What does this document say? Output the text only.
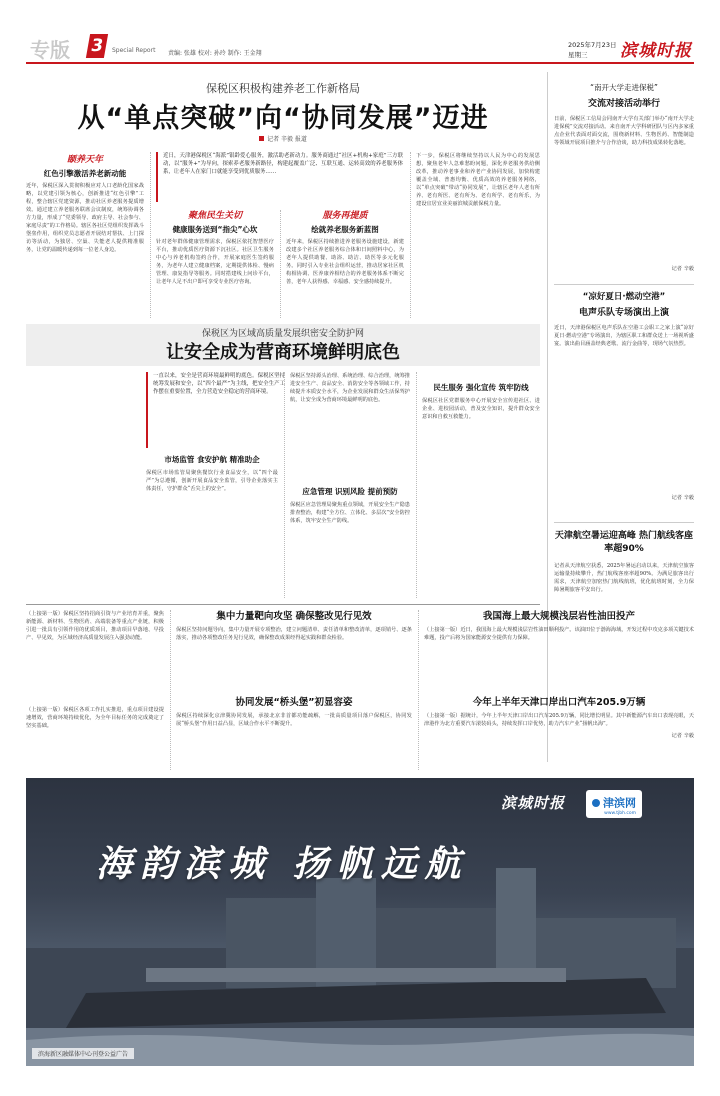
专版 3	Special Report 责编: 张雄 校对: 孙玲 制作: 王金翔
2025年7月23日
星期三 滨城时报
保税区积极构建养老工作新格局
从“单点突破”向“协同发展”迈进
记者 辛毅 报道
颐养天年
红色引擎激活养老新动能
近年，保税区深入贯彻积极应对人口老龄化国家战略，以党建引领为核心，创新推进“红色引擎”工程，整合辖区党建资源，推动社区养老服务提质增效。通过建立养老服务联席会议制度，统筹协调各方力量，形成了“党委领导、政府主导、社会参与、家庭尽责”的工作格局。辖区各社区党组织发挥战斗堡垒作用，组织党员志愿者开展结对帮扶、上门探访等活动，为独居、空巢、失能老人提供精准服务，让党的温暖传递到每一位老人身边。
近日，天津港保税区“海派”银龄爱心服务，激活助老新动力。服务商通过“社区+机构+家庭”三方联动，以“服务+”为导向，探索养老服务新路径，构建起覆盖广泛、互联互通、运转高效的养老服务体系，让老年人在家门口就能享受到优质服务……
聚焦民生关切
健康服务送到“指尖”心坎
针对老年群体健康管理需求，保税区依托智慧医疗平台，推动优质医疗资源下沉社区。社区卫生服务中心与养老机构签约合作，开展家庭医生签约服务，为老年人建立健康档案，定期提供体检、慢病管理、康复指导等服务。同时搭建线上问诊平台，让老年人足不出户即可享受专业医疗咨询。
服务再提质
绘就养老服务新蓝图
近年来，保税区持续推进养老服务设施建设，新建改建多个社区养老服务综合体和日间照料中心，为老年人提供助餐、助浴、助洁、助医等多元化服务。同时引入专业社会组织运营，推动居家社区机构相协调、医养康养相结合的养老服务体系不断完善，老年人获得感、幸福感、安全感持续提升。
下一步，保税区将继续坚持以人民为中心的发展思想，聚焦老年人急难愁盼问题，深化养老服务供给侧改革，推动养老事业和养老产业协同发展，加快构建覆盖全域、普惠均衡、优质高效的养老服务网络，以“单点突破”带动“协同发展”，让辖区老年人老有所养、老有所医、老有所为、老有所学、老有所乐，为建设宜居宜业美丽滨城贡献保税力量。
“南开大学走进保税”
交流对接活动举行
日前，保税区工信局会同南开大学有关部门举办“南开大学走进保税”交流对接活动。来自南开大学科研团队与区内多家重点企业代表面对面交流，围绕新材料、生物医药、智能制造等领域开展项目推介与合作洽谈，助力科技成果转化落地。
记者 辛毅
“凉好夏日·燃动空港”
电声乐队专场演出上演
近日，天津港保税区电声乐队在空港工会职工之家上演“凉好夏日·燃动空港”专场演出，为辖区职工和群众送上一场视听盛宴。演出曲目涵盖经典老歌、流行金曲等，现场气氛热烈。
记者 辛毅
天津航空暑运迎高峰 热门航线客座率超90%
记者从天津航空获悉，2025年暑运启动以来，天津航空旅客运输量持续攀升，热门航线客座率超90%。为满足旅客出行需求，天津航空加密热门航线航班，优化航班时刻，全力保障暑期旅客平安出行。
记者 辛毅
保税区为区域高质量发展织密安全防护网
让安全成为营商环境鲜明底色
一直以来，安全是营商环境最鲜明的底色。保税区坚持统筹发展和安全，以“四个最严”为主线，把安全生产工作摆在重要位置，全力营造安全稳定的营商环境。
市场监管 食安护航 精准助企
保税区市场监管局聚焦餐饮行业食品安全，以“四个最严”为总遵循，创新开展食品安全监管，引导企业落实主体责任，守护群众“舌尖上的安全”。
保税区坚持源头治理、系统治理、综合治理，统筹推进安全生产、食品安全、消防安全等各领域工作，持续提升本质安全水平，为企业发展和群众生活保驾护航，让安全成为营商环境最鲜明的底色。
应急管理 识别风险 提前预防
保税区应急管理局聚焦重点领域，开展安全生产隐患排查整治，构建“全方位、立体化、多层次”安全防控体系，筑牢安全生产防线。
民生服务 强化宣传 筑牢防线
保税区社区党群服务中心开展安全宣传进社区、进企业、进校园活动，普及安全知识，提升群众安全意识和自救互救能力。
（上接第一版）保税区坚持招商引资与产业培育并重，聚焦新能源、新材料、生物医药、高端装备等重点产业链，积极引进一批具有引领作用的优质项目，推动项目早落地、早投产、早见效，为区域经济高质量发展注入强劲动能。
（上接第一版）保税区各项工作扎实推进，重点项目建设提速增效，营商环境持续优化，为全年目标任务的完成奠定了坚实基础。
集中力量靶向攻坚 确保整改见行见效
保税区坚持问题导向，集中力量开展专项整治，建立问题清单、责任清单和整改清单，逐项销号、逐条落实，推动各项整改任务见行见效，确保整改成果经得起实践和群众检验。
协同发展“桥头堡”初显容姿
保税区持续深化京津冀协同发展，承接北京非首都功能疏解，一批高质量项目落户保税区，协同发展“桥头堡”作用日益凸显，区域合作水平不断提升。
我国海上最大规模浅层岩性油田投产
（上接第一版）近日，我国海上最大规模浅层岩性油田顺利投产。该油田位于渤海海域，开发过程中攻克多项关键技术难题，投产后将为国家能源安全提供有力保障。
今年上半年天津口岸出口汽车205.9万辆
（上接第一版）据统计，今年上半年天津口岸出口汽车205.9万辆，同比增长明显。其中新能源汽车出口表现亮眼，天津港作为北方重要汽车滚装码头，持续发挥口岸优势，助力汽车产业“扬帆出海”。
滨城时报	津滨网
www.tjbh.com
海韵滨城 扬帆远航
滨海新区融媒体中心刊登公益广告
